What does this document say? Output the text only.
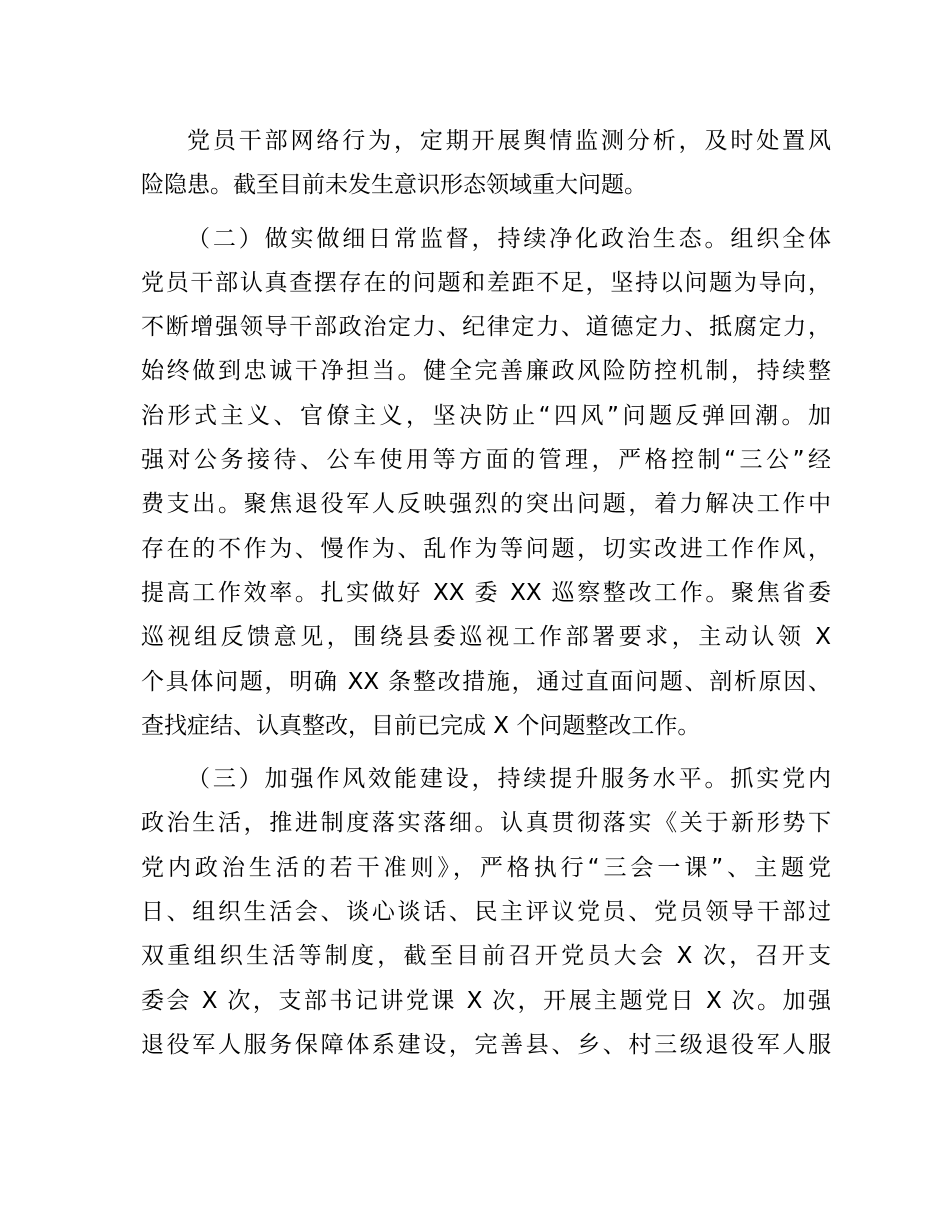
党员干部网络行为，定期开展舆情监测分析，及时处置风
险隐患。截至目前未发生意识形态领域重大问题。
（二）做实做细日常监督，持续净化政治生态。组织全体
党员干部认真查摆存在的问题和差距不足，坚持以问题为导向，
不断增强领导干部政治定力、纪律定力、道德定力、抵腐定力，
始终做到忠诚干净担当。健全完善廉政风险防控机制，持续整
治形式主义、官僚主义，坚决防止“四风”问题反弹回潮。加
强对公务接待、公车使用等方面的管理，严格控制“三公”经
费支出。聚焦退役军人反映强烈的突出问题，着力解决工作中
存在的不作为、慢作为、乱作为等问题，切实改进工作作风，
提高工作效率。扎实做好 XX 委 XX 巡察整改工作。聚焦省委
巡视组反馈意见，围绕县委巡视工作部署要求，主动认领 X
个具体问题，明确 XX 条整改措施，通过直面问题、剖析原因、
查找症结、认真整改，目前已完成 X 个问题整改工作。
（三）加强作风效能建设，持续提升服务水平。抓实党内
政治生活，推进制度落实落细。认真贯彻落实《关于新形势下
党内政治生活的若干准则》，严格执行“三会一课”、主题党
日、组织生活会、谈心谈话、民主评议党员、党员领导干部过
双重组织生活等制度，截至目前召开党员大会 X 次，召开支
委会 X 次，支部书记讲党课 X 次，开展主题党日 X 次。加强
退役军人服务保障体系建设，完善县、乡、村三级退役军人服
